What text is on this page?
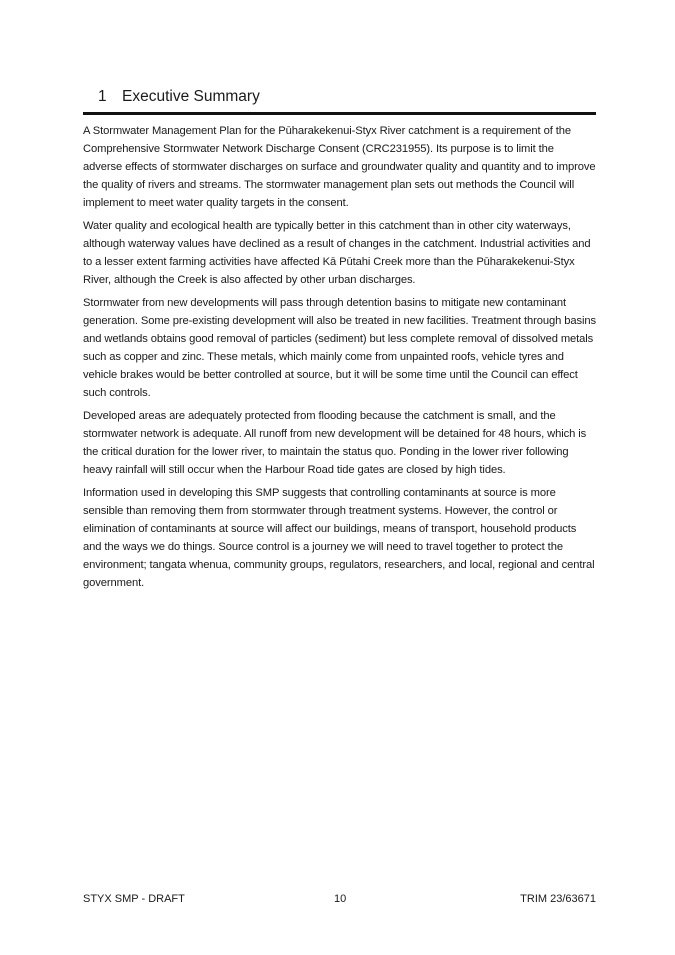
1 Executive Summary

A Stormwater Management Plan for the Pūharakekenui-Styx River catchment is a requirement of the Comprehensive Stormwater Network Discharge Consent (CRC231955). Its purpose is to limit the adverse effects of stormwater discharges on surface and groundwater quality and quantity and to improve the quality of rivers and streams. The stormwater management plan sets out methods the Council will implement to meet water quality targets in the consent.

Water quality and ecological health are typically better in this catchment than in other city waterways, although waterway values have declined as a result of changes in the catchment. Industrial activities and to a lesser extent farming activities have affected Kā Pūtahi Creek more than the Pūharakekenui-Styx River, although the Creek is also affected by other urban discharges.

Stormwater from new developments will pass through detention basins to mitigate new contaminant generation. Some pre-existing development will also be treated in new facilities. Treatment through basins and wetlands obtains good removal of particles (sediment) but less complete removal of dissolved metals such as copper and zinc. These metals, which mainly come from unpainted roofs, vehicle tyres and vehicle brakes would be better controlled at source, but it will be some time until the Council can effect such controls.

Developed areas are adequately protected from flooding because the catchment is small, and the stormwater network is adequate. All runoff from new development will be detained for 48 hours, which is the critical duration for the lower river, to maintain the status quo. Ponding in the lower river following heavy rainfall will still occur when the Harbour Road tide gates are closed by high tides.

Information used in developing this SMP suggests that controlling contaminants at source is more sensible than removing them from stormwater through treatment systems. However, the control or elimination of contaminants at source will affect our buildings, means of transport, household products and the ways we do things. Source control is a journey we will need to travel together to protect the environment; tangata whenua, community groups, regulators, researchers, and local, regional and central government.

STYX SMP - DRAFT	10	TRIM 23/63671
